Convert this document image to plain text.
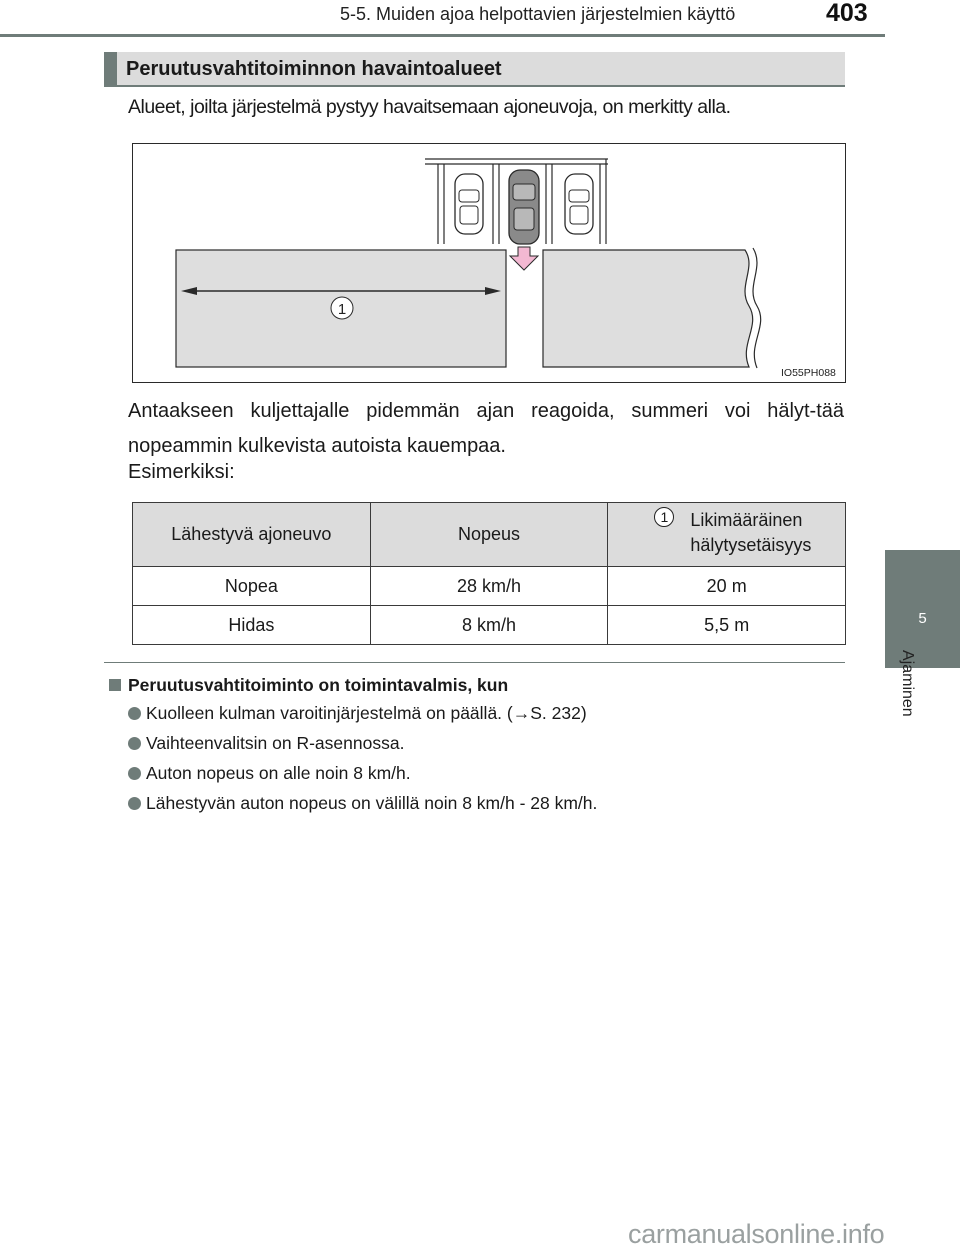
5-5. Muiden ajoa helpottavien järjestelmien käyttö	403
5
Ajaminen
Peruutusvahtitoiminnon havaintoalueet
Alueet, joilta järjestelmä pystyy havaitsemaan ajoneuvoja, on merkitty alla.
1
IO55PH088
Antaakseen kuljettajalle pidemmän ajan reagoida, summeri voi hälyt-tää nopeammin kulkevista autoista kauempaa.
Esimerkiksi:
Lähestyvä ajoneuvo	Nopeus	1 Likimääräinen
hälytysetäisyys

Nopea	28 km/h	20 m
Hidas	8 km/h	5,5 m
Peruutusvahtitoiminto on toimintavalmis, kun
Kuolleen kulman varoitinjärjestelmä on päällä. (→S. 232)
Vaihteenvalitsin on R-asennossa.
Auton nopeus on alle noin 8 km/h.
Lähestyvän auton nopeus on välillä noin 8 km/h - 28 km/h.
carmanualsonline.info
